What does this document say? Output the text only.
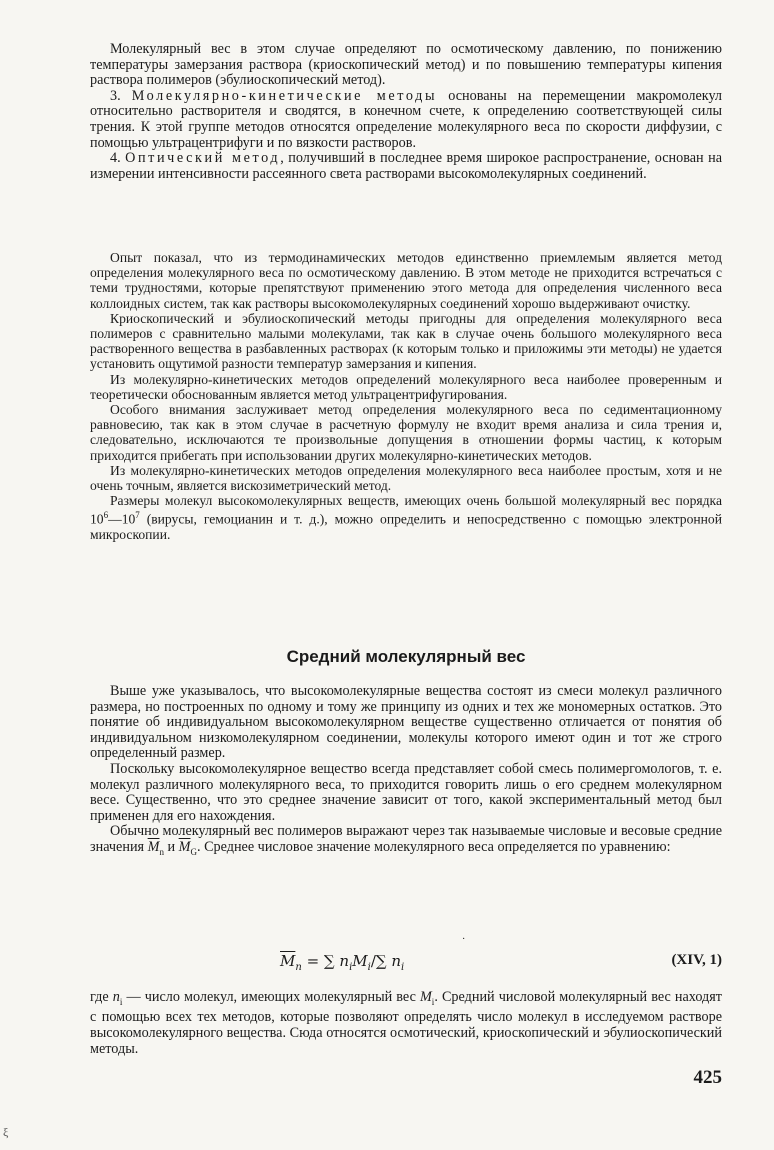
Молекулярный вес в этом случае определяют по осмотическому давлению, по понижению температуры замерзания раствора (криоскопический метод) и по повышению температуры кипения раствора полимеров (эбулиоскопический метод).

3. Молекулярно-кинетические методы основаны на перемещении макромолекул относительно растворителя и сводятся, в конечном счете, к определению соответствующей силы трения. К этой группе методов относятся определение молекулярного веса по скорости диффузии, с помощью ультрацентрифуги и по вязкости растворов.

4. Оптический метод, получивший в последнее время широкое распространение, основан на измерении интенсивности рассеянного света растворами высокомолекулярных соединений.

Опыт показал, что из термодинамических методов единственно приемлемым является метод определения молекулярного веса по осмотическому давлению. В этом методе не приходится встречаться с теми трудностями, которые препятствуют применению этого метода для определения численного веса коллоидных систем, так как растворы высокомолекулярных соединений хорошо выдерживают очистку.

Криоскопический и эбулиоскопический методы пригодны для определения молекулярного веса полимеров с сравнительно малыми молекулами, так как в случае очень большого молекулярного веса растворенного вещества в разбавленных растворах (к которым только и приложимы эти методы) не удается установить ощутимой разности температур замерзания и кипения.

Из молекулярно-кинетических методов определений молекулярного веса наиболее проверенным и теоретически обоснованным является метод ультрацентрифугирования.

Особого внимания заслуживает метод определения молекулярного веса по седиментационному равновесию, так как в этом случае в расчетную формулу не входит время анализа и сила трения и, следовательно, исключаются те произвольные допущения в отношении формы частиц, к которым приходится прибегать при использовании других молекулярно-кинетических методов.

Из молекулярно-кинетических методов определения молекулярного веса наиболее простым, хотя и не очень точным, является вискозиметрический метод.

Размеры молекул высокомолекулярных веществ, имеющих очень большой молекулярный вес порядка $10^6—10^7$ (вирусы, гемоцианин и т. д.), можно определить и непосредственно с помощью электронной микроскопии.

Средний молекулярный вес

Выше уже указывалось, что высокомолекулярные вещества состоят из смеси молекул различного размера, но построенных по одному и тому же принципу из одних и тех же мономерных остатков. Это понятие об индивидуальном высокомолекулярном веществе существенно отличается от понятия об индивидуальном низкомолекулярном соединении, молекулы которого имеют один и тот же строго определенный размер.

Поскольку высокомолекулярное вещество всегда представляет собой смесь полимергомологов, т. е. молекул различного молекулярного веса, то приходится говорить лишь о его среднем молекулярном весе. Существенно, что это среднее значение зависит от того, какой экспериментальный метод был применен для его нахождения.

Обычно молекулярный вес полимеров выражают через так называемые числовые и весовые средние значения $\overline{M}_n$ и $\overline{M}_G$. Среднее числовое значение молекулярного веса определяется по уравнению:

·
$\overline{M}_n$ = ∑ $n_iM_i/\sum$ $n_i$	(XIV, 1)

где $n_i$ — число молекул, имеющих молекулярный вес $M_i$. Средний числовой молекулярный вес находят с помощью всех тех методов, которые позволяют определять число молекул в исследуемом растворе высокомолекулярного вещества. Сюда относятся осмотический, криоскопический и эбулиоскопический методы.

425
ξ
